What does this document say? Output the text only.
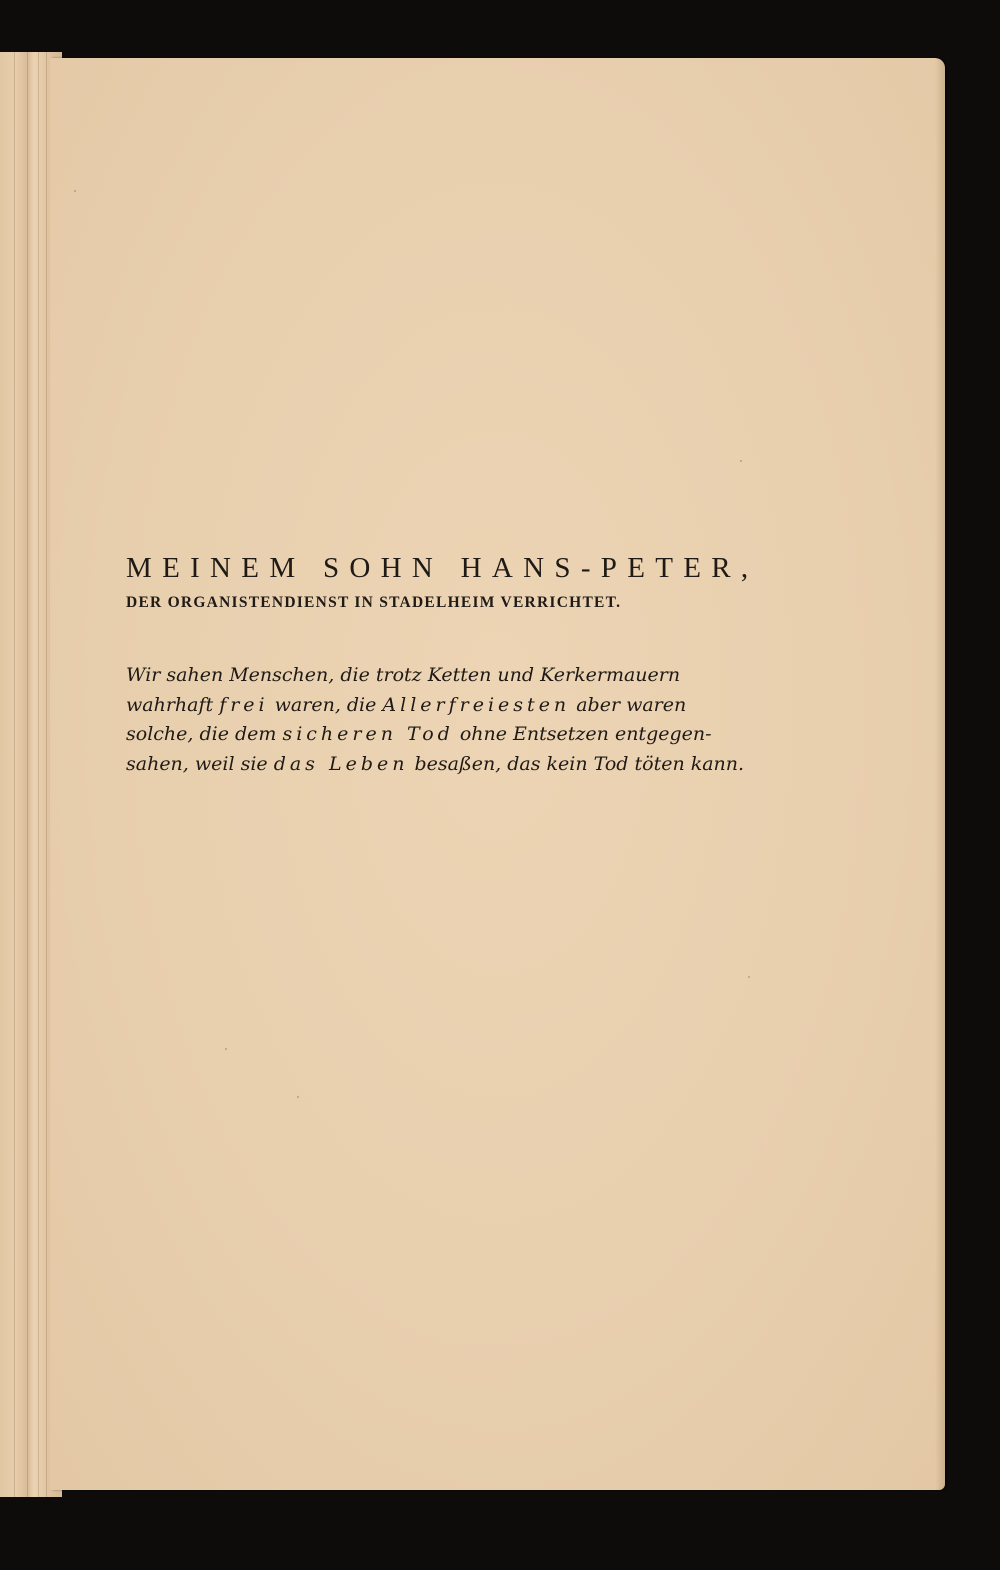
MEINEM SOHN HANS-PETER,
DER ORGANISTENDIENST IN STADELHEIM VERRICHTET.

Wir sahen Menschen, die trotz Ketten und Kerkermauern

wahrhaft frei waren, die Allerfreiesten aber waren

solche, die dem sicheren Tod ohne Entsetzen entgegen-

sahen, weil sie das Leben besaßen, das kein Tod töten kann.
